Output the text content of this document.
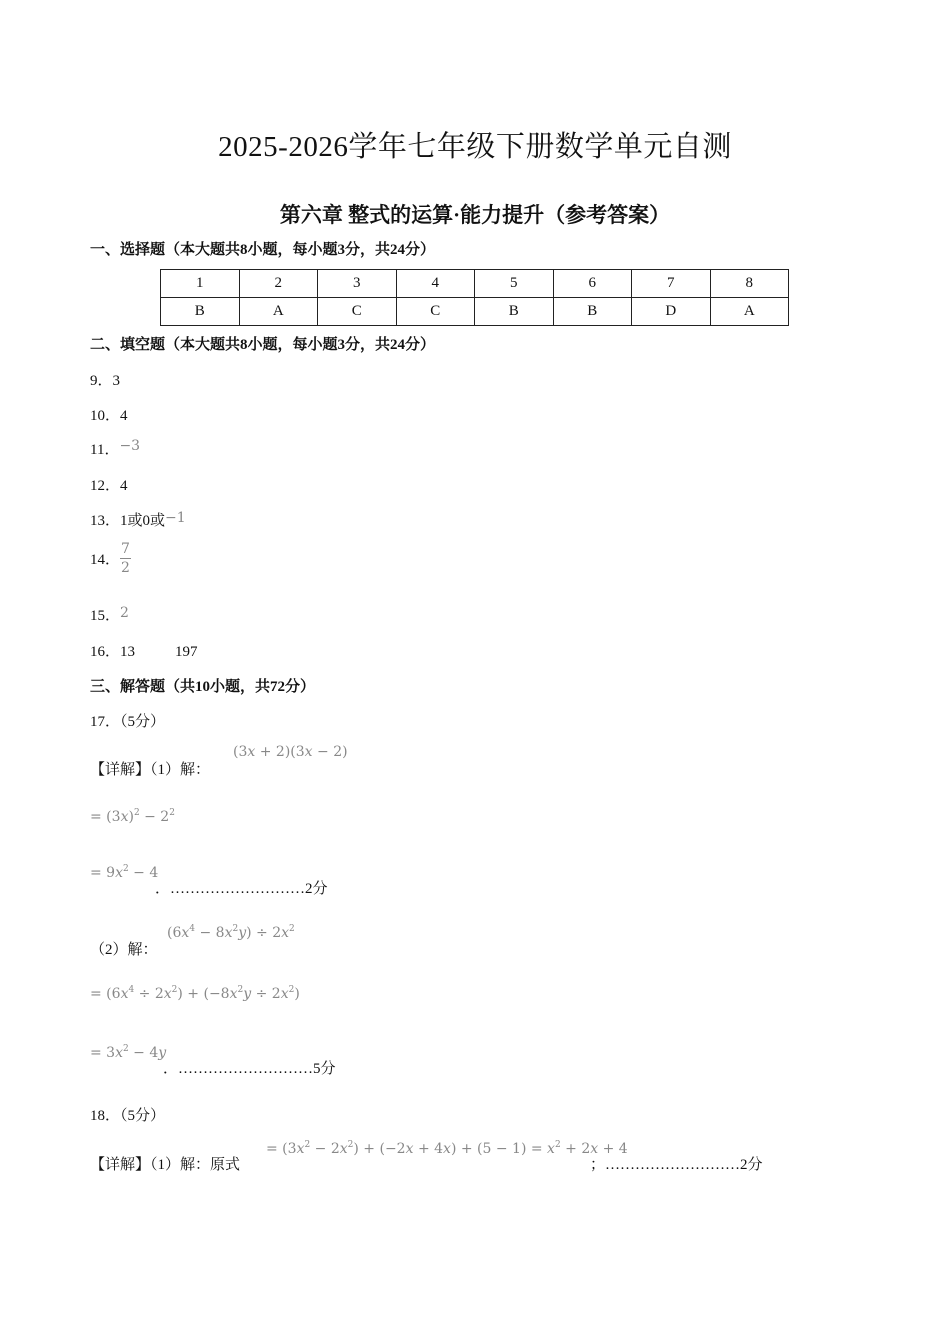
2025-2026学年七年级下册数学单元自测
第六章 整式的运算·能力提升（参考答案）
一、选择题（本大题共8小题，每小题3分，共24分）
1	2	3	4	5	6	7	8
B	A	C	C	B	B	D	A
二、填空题（本大题共8小题，每小题3分，共24分）
9．3
10．4
11．−3
12．4
13．1或0或−1
14． $\frac{7}{2}$
15．2
16．13	197
三、解答题（共10小题，共72分）
17．（5分）
【详解】（1）解：
(3x + 2)(3x − 2)
= $(3x)^2 - 2^2$
= $9x^2 - 4$
．………………………2分
（2）解：
$(6x^4 - 8x^2y) \div 2x^2$
= $(6x^4 \div 2x^2) + (-8x^2y \div 2x^2)$
= $3x^2 - 4y$
．………………………5分
18．（5分）
【详解】（1）解：原式
= $(3x^2 - 2x^2) + (-2x + 4x) + (5 - 1) = x^2 + 2x + 4$
；………………………2分
